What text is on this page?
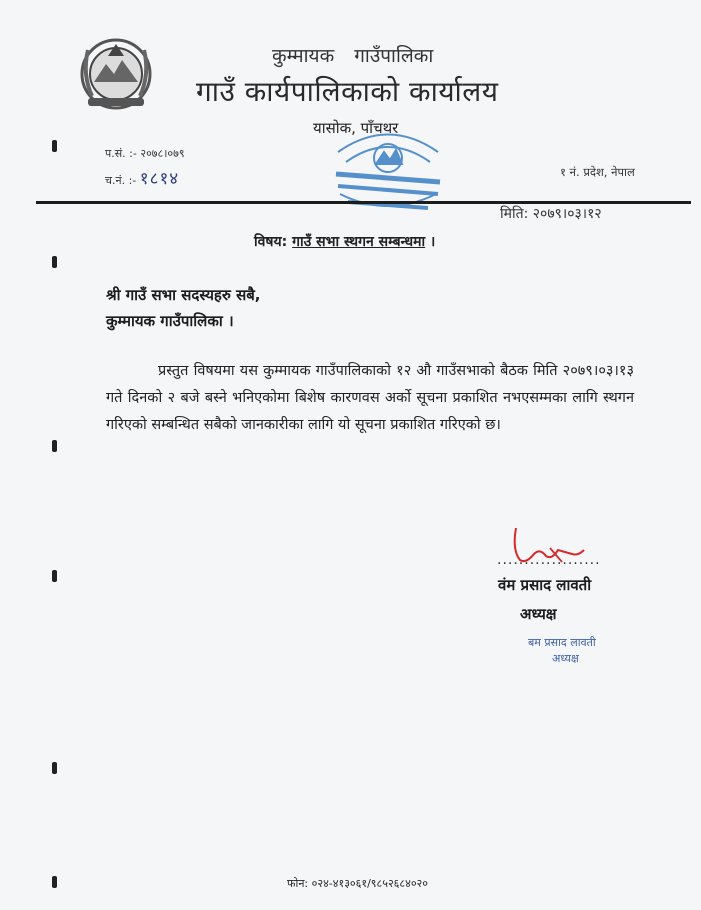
कुम्मायक गाउँपालिका
गाउँ कार्यपालिकाको कार्यालय
यासोक, पाँचथर
प.सं. :- २०७८।०७९
च.नं. :- १८१४	१ नं. प्रदेश, नेपाल
मिति: २०७९।०३।१२
विषय: गाउँ सभा स्थगन सम्बन्धमा ।
श्री गाउँ सभा सदस्यहरु सबै,
कुम्मायक गाउँपालिका ।
प्रस्तुत विषयमा यस कुम्मायक गाउँपालिकाको १२ औ गाउँसभाको बैठक मिति २०७९।०३।१३ गते दिनको २ बजे बस्ने भनिएकोमा बिशेष कारणवस अर्को सूचना प्रकाशित नभएसम्मका लागि स्थगन गरिएको सम्बन्धित सबैको जानकारीका लागि यो सूचना प्रकाशित गरिएको छ।
...................
वंम प्रसाद लावती
अध्यक्ष
बम प्रसाद लावती
अध्यक्ष
फोन: ०२४-४१३०६१/९८५२६८४०२०
